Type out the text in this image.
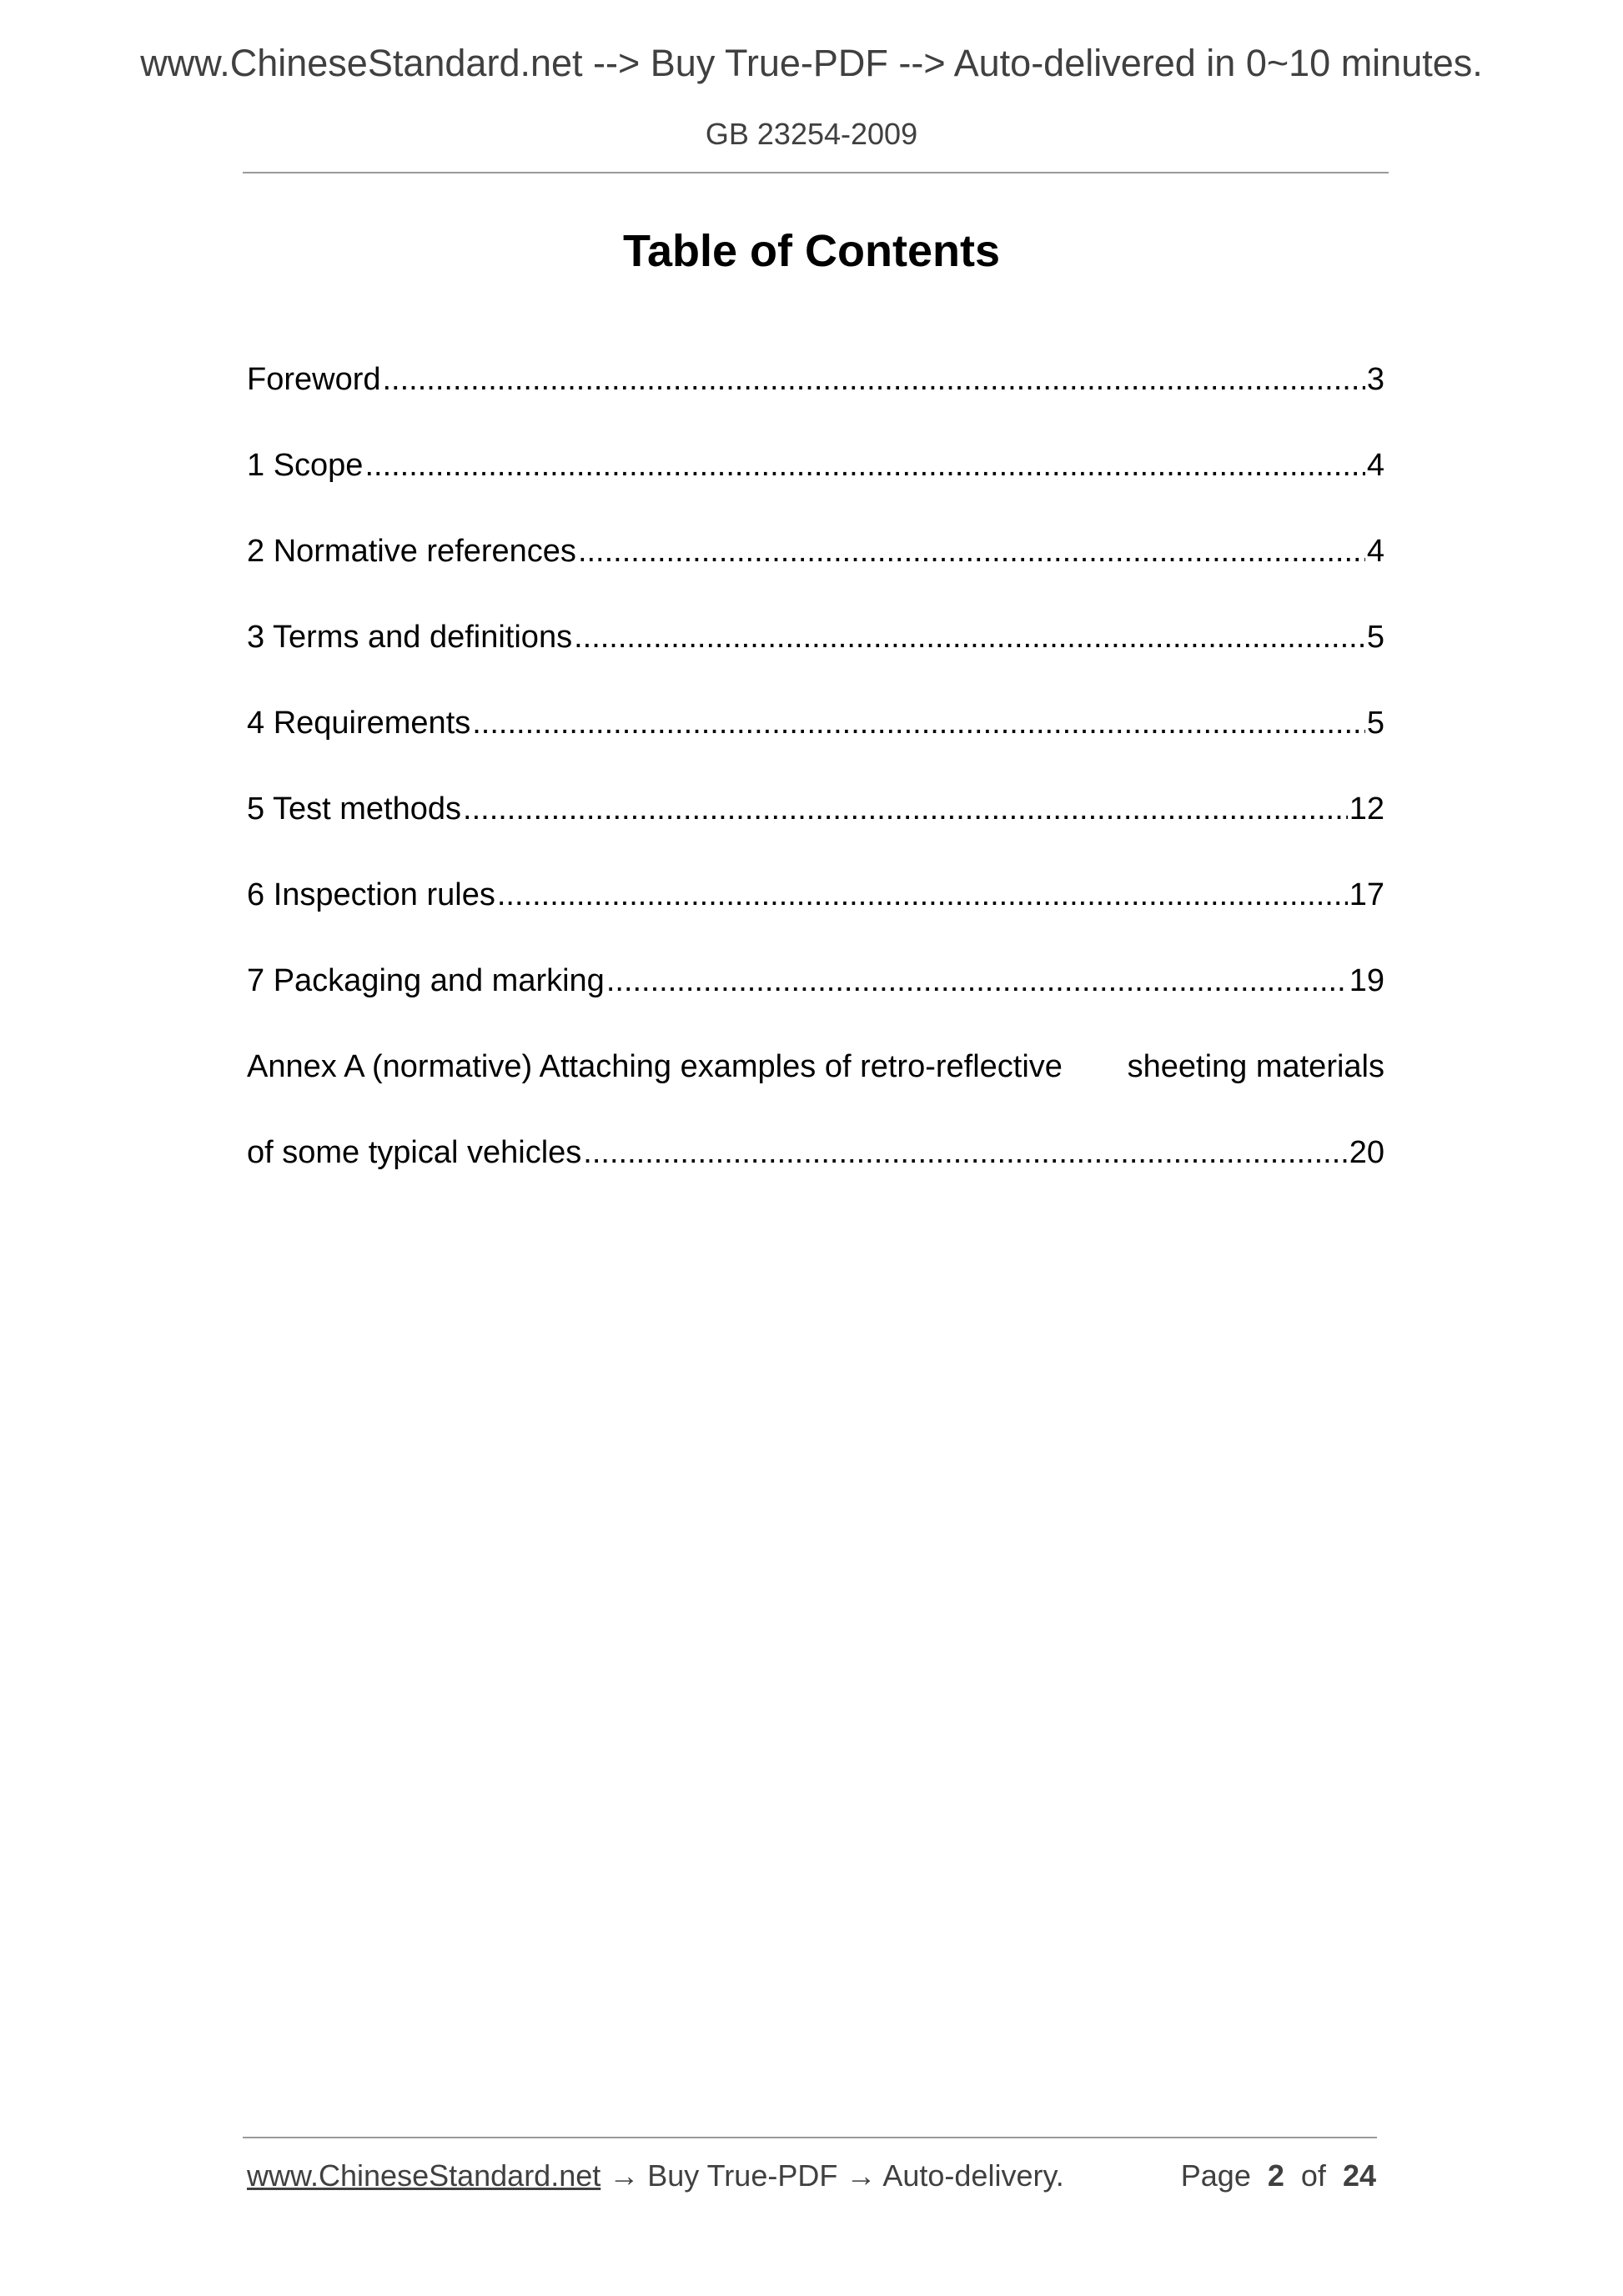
www.ChineseStandard.net --> Buy True-PDF --> Auto-delivered in 0~10 minutes.
GB 23254-2009
Table of Contents
Foreword .....	3
1 Scope .....	4
2 Normative references .....	4
3 Terms and definitions .....	5
4 Requirements .....	5
5 Test methods .....	12
6 Inspection rules .....	17
7 Packaging and marking .....	19
Annex A (normative) Attaching examples of retro-reflective sheeting materials
of some typical vehicles .....	20
www.ChineseStandard.net → Buy True-PDF → Auto-delivery.	Page 2 of 24
